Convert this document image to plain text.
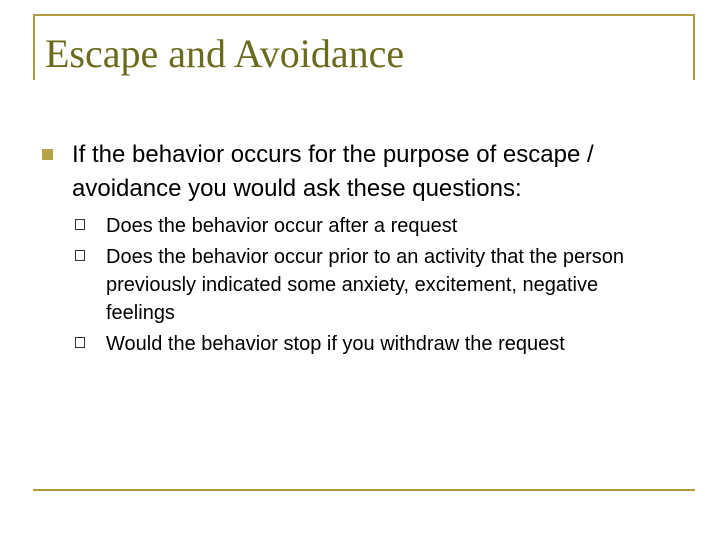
Escape and Avoidance
If the behavior occurs for the purpose of escape / avoidance you would ask these questions:
Does the behavior occur after a request
Does the behavior occur prior to an activity that the person previously indicated some anxiety, excitement, negative feelings
Would the behavior stop if you withdraw the request
